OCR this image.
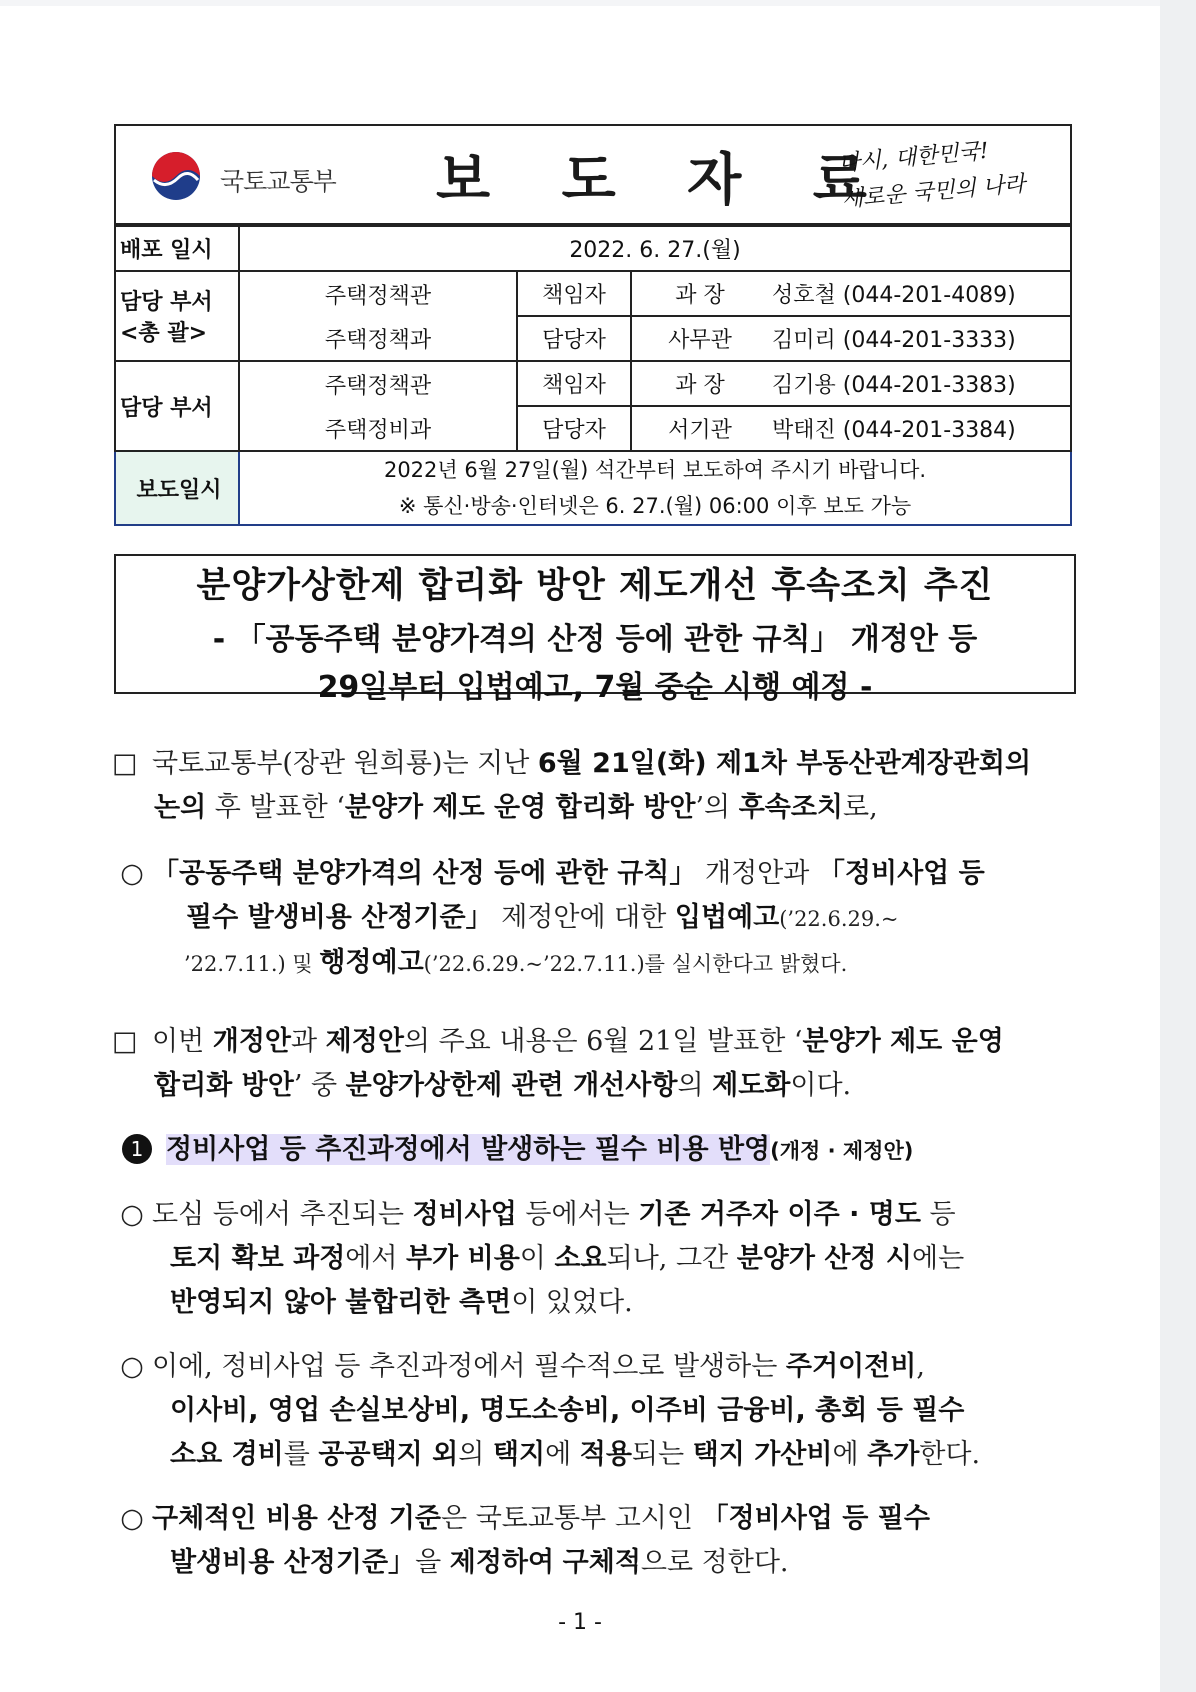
국토교통부 보 도 자 료
다시, 대한민국!
새로운 국민의 나라
배포 일시	2022. 6. 27.(월)			

담당 부서
<총 괄>	주택정책관	책임자	과 장	성호철 (044-201-4089)
	주택정책과	담당자	사무관	김미리 (044-201-3333)
담당 부서	주택정책관	책임자	과 장	김기용 (044-201-3383)
	주택정비과	담당자	서기관	박태진 (044-201-3384)
보도일시	2022년 6월 27일(월) 석간부터 보도하여 주시기 바랍니다.
※ 통신·방송·인터넷은 6. 27.(월) 06:00 이후 보도 가능			
분양가상한제 합리화 방안 제도개선 후속조치 추진
- 「공동주택 분양가격의 산정 등에 관한 규칙」 개정안 등
29일부터 입법예고, 7월 중순 시행 예정 -
□ 국토교통부(장관 원희룡)는 지난 6월 21일(화) 제1차 부동산관계장관회의
논의 후 발표한 ‘분양가 제도 운영 합리화 방안’의 후속조치로,
○ 「공동주택 분양가격의 산정 등에 관한 규칙」 개정안과 「정비사업 등
필수 발생비용 산정기준」 제정안에 대한 입법예고(’22.6.29.~
’22.7.11.) 및 행정예고(’22.6.29.~’22.7.11.)를 실시한다고 밝혔다.
□ 이번 개정안과 제정안의 주요 내용은 6월 21일 발표한 ‘분양가 제도 운영
합리화 방안’ 중 분양가상한제 관련 개선사항의 제도화이다.
1 정비사업 등 추진과정에서 발생하는 필수 비용 반영(개정 · 제정안)
○ 도심 등에서 추진되는 정비사업 등에서는 기존 거주자 이주 · 명도 등
토지 확보 과정에서 부가 비용이 소요되나, 그간 분양가 산정 시에는
반영되지 않아 불합리한 측면이 있었다.
○ 이에, 정비사업 등 추진과정에서 필수적으로 발생하는 주거이전비,
이사비, 영업 손실보상비, 명도소송비, 이주비 금융비, 총회 등 필수
소요 경비를 공공택지 외의 택지에 적용되는 택지 가산비에 추가한다.
○ 구체적인 비용 산정 기준은 국토교통부 고시인 「정비사업 등 필수
발생비용 산정기준」을 제정하여 구체적으로 정한다.
- 1 -
